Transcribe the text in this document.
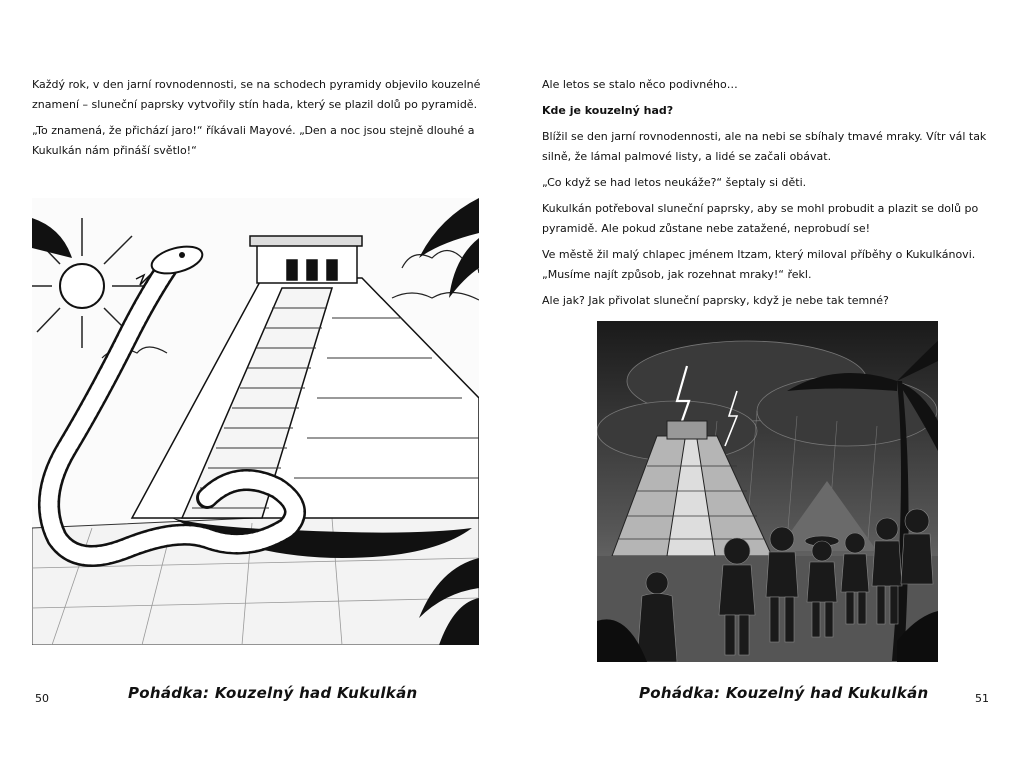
Každý rok, v den jarní rovnodennosti, se na schodech pyramidy objevilo kouzelné znamení – sluneční paprsky vytvořily stín hada, který se plazil dolů po pyramidě.

„To znamená, že přichází jaro!“ říkávali Mayové. „Den a noc jsou stejně dlouhé a Kukulkán nám přináší světlo!“

50	Pohádka: Kouzelný had Kukulkán

Ale letos se stalo něco podivného…

Kde je kouzelný had?

Blížil se den jarní rovnodennosti, ale na nebi se sbíhaly tmavé mraky. Vítr vál tak silně, že lámal palmové listy, a lidé se začali obávat.

„Co když se had letos neukáže?“ šeptaly si děti.

Kukulkán potřeboval sluneční paprsky, aby se mohl probudit a plazit se dolů po pyramidě. Ale pokud zůstane nebe zatažené, neprobudí se!

Ve městě žil malý chlapec jménem Itzam, který miloval příběhy o Kukulkánovi. „Musíme najít způsob, jak rozehnat mraky!“ řekl.

Ale jak? Jak přivolat sluneční paprsky, když je nebe tak temné?

Pohádka: Kouzelný had Kukulkán	51
